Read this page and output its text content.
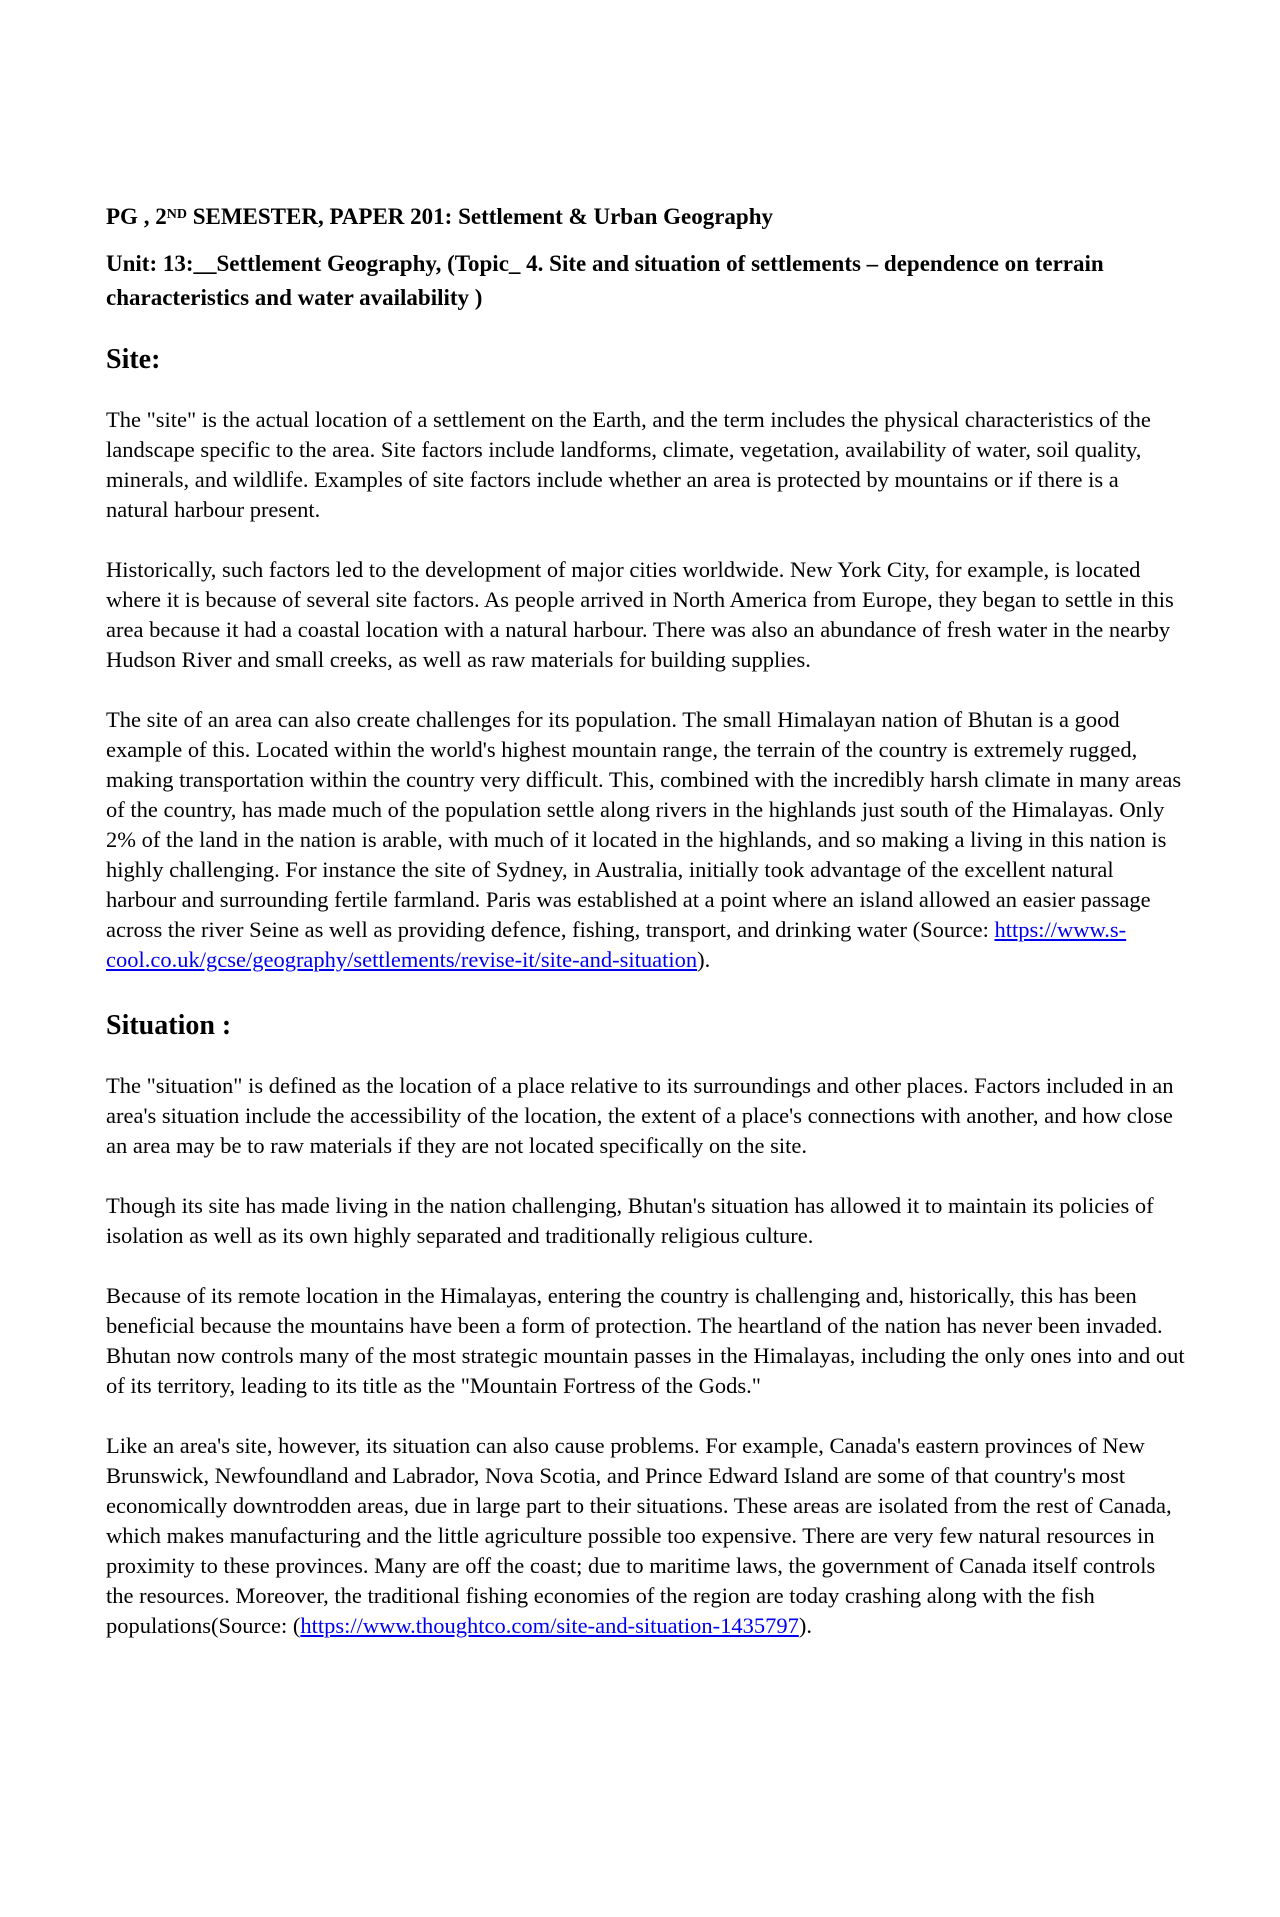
PG , 2ND SEMESTER, PAPER 201: Settlement & Urban Geography

Unit: 13:__Settlement Geography, (Topic_ 4. Site and situation of settlements – dependence on terrain characteristics and water availability )

Site:

The "site" is the actual location of a settlement on the Earth, and the term includes the physical characteristics of the landscape specific to the area. Site factors include landforms, climate, vegetation, availability of water, soil quality, minerals, and wildlife. Examples of site factors include whether an area is protected by mountains or if there is a natural harbour present.

Historically, such factors led to the development of major cities worldwide. New York City, for example, is located where it is because of several site factors. As people arrived in North America from Europe, they began to settle in this area because it had a coastal location with a natural harbour. There was also an abundance of fresh water in the nearby Hudson River and small creeks, as well as raw materials for building supplies.

The site of an area can also create challenges for its population. The small Himalayan nation of Bhutan is a good example of this. Located within the world's highest mountain range, the terrain of the country is extremely rugged, making transportation within the country very difficult. This, combined with the incredibly harsh climate in many areas of the country, has made much of the population settle along rivers in the highlands just south of the Himalayas. Only 2% of the land in the nation is arable, with much of it located in the highlands, and so making a living in this nation is highly challenging. For instance the site of Sydney, in Australia, initially took advantage of the excellent natural harbour and surrounding fertile farmland. Paris was established at a point where an island allowed an easier passage across the river Seine as well as providing defence, fishing, transport, and drinking water (Source: https://www.s-cool.co.uk/gcse/geography/settlements/revise-it/site-and-situation).

Situation :

The "situation" is defined as the location of a place relative to its surroundings and other places. Factors included in an area's situation include the accessibility of the location, the extent of a place's connections with another, and how close an area may be to raw materials if they are not located specifically on the site.

Though its site has made living in the nation challenging, Bhutan's situation has allowed it to maintain its policies of isolation as well as its own highly separated and traditionally religious culture.

Because of its remote location in the Himalayas, entering the country is challenging and, historically, this has been beneficial because the mountains have been a form of protection. The heartland of the nation has never been invaded. Bhutan now controls many of the most strategic mountain passes in the Himalayas, including the only ones into and out of its territory, leading to its title as the "Mountain Fortress of the Gods."

Like an area's site, however, its situation can also cause problems. For example, Canada's eastern provinces of New Brunswick, Newfoundland and Labrador, Nova Scotia, and Prince Edward Island are some of that country's most economically downtrodden areas, due in large part to their situations. These areas are isolated from the rest of Canada, which makes manufacturing and the little agriculture possible too expensive. There are very few natural resources in proximity to these provinces. Many are off the coast; due to maritime laws, the government of Canada itself controls the resources. Moreover, the traditional fishing economies of the region are today crashing along with the fish populations(Source: (https://www.thoughtco.com/site-and-situation-1435797).
